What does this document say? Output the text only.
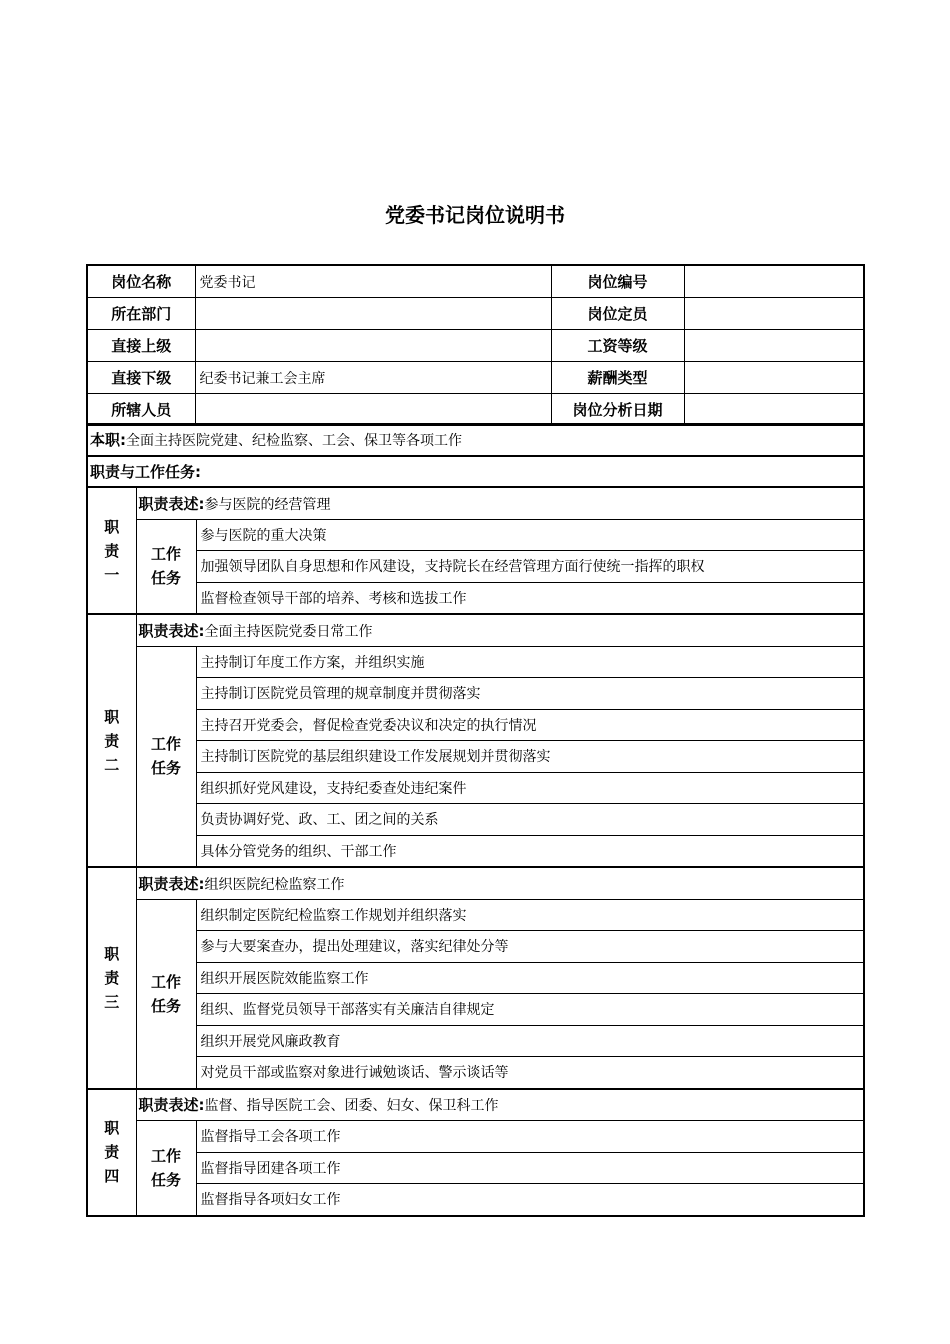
党委书记岗位说明书
岗位名称	党委书记	岗位编号	
所在部门		岗位定员	
直接上级		工资等级	
直接下级	纪委书记兼工会主席	薪酬类型	
所辖人员		岗位分析日期	
本职:全面主持医院党建、纪检监察、工会、保卫等各项工作
职责与工作任务:
职
责
一	职责表述:参与医院的经营管理	

	工作
任务	参与医院的重大决策
		加强领导团队自身思想和作风建设，支持院长在经营管理方面行使统一指挥的职权
		监督检查领导干部的培养、考核和选拔工作

职
责
二	职责表述:全面主持医院党委日常工作	

	工作
任务	主持制订年度工作方案，并组织实施
		主持制订医院党员管理的规章制度并贯彻落实
		主持召开党委会，督促检查党委决议和决定的执行情况
		主持制订医院党的基层组织建设工作发展规划并贯彻落实
		组织抓好党风建设，支持纪委查处违纪案件
		负责协调好党、政、工、团之间的关系
		具体分管党务的组织、干部工作

职
责
三	职责表述:组织医院纪检监察工作	

	工作
任务	组织制定医院纪检监察工作规划并组织落实
		参与大要案查办，提出处理建议，落实纪律处分等
		组织开展医院效能监察工作
		组织、监督党员领导干部落实有关廉洁自律规定
		组织开展党风廉政教育
		对党员干部或监察对象进行诫勉谈话、警示谈话等

职
责
四	职责表述:监督、指导医院工会、团委、妇女、保卫科工作	

	工作
任务	监督指导工会各项工作
		监督指导团建各项工作
		监督指导各项妇女工作
